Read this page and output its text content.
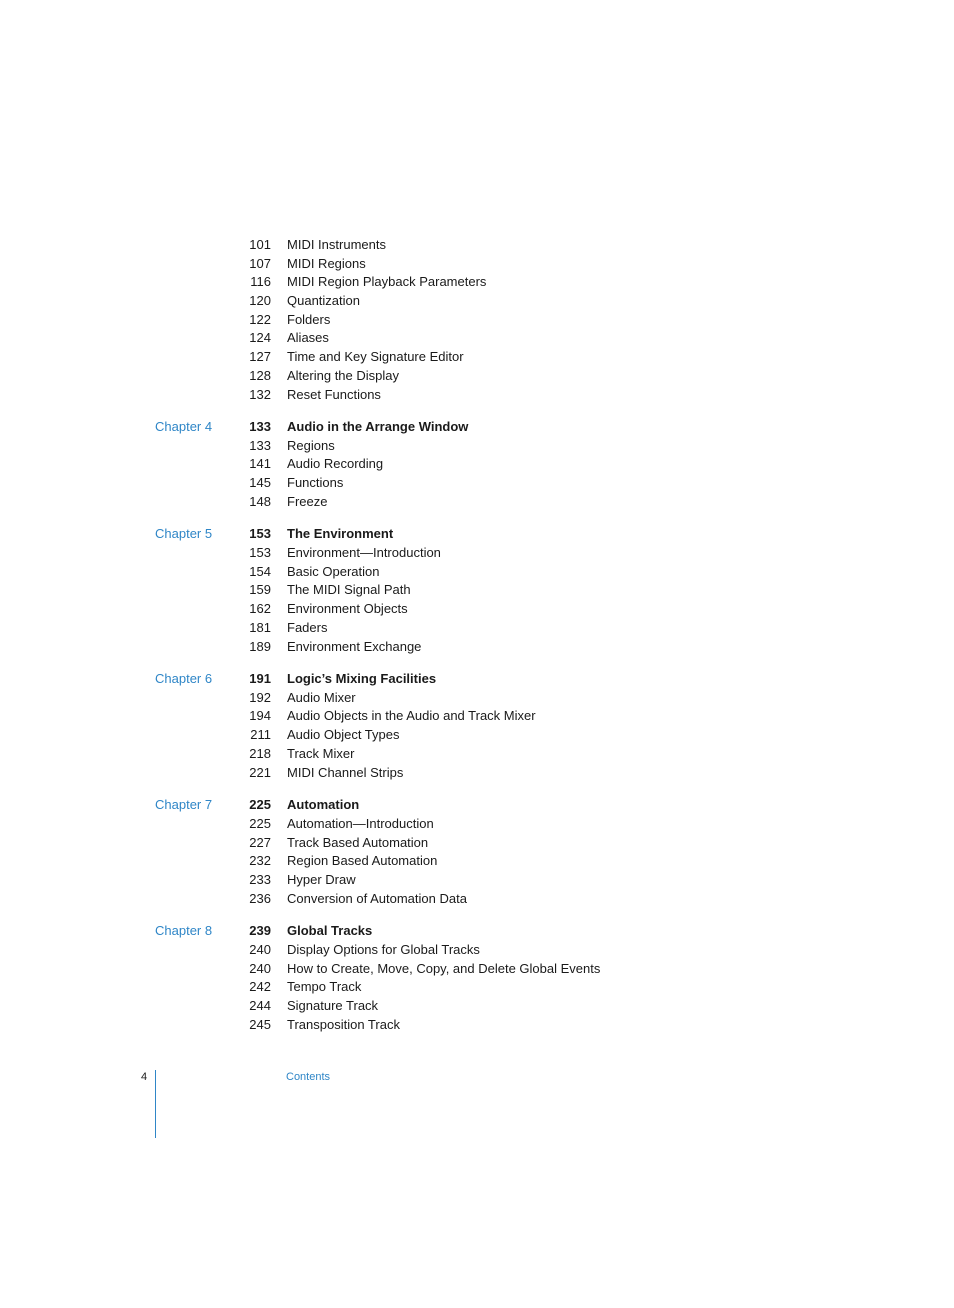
101 MIDI Instruments
107 MIDI Regions
116 MIDI Region Playback Parameters
120 Quantization
122 Folders
124 Aliases
127 Time and Key Signature Editor
128 Altering the Display
132 Reset Functions
Chapter 4	133 Audio in the Arrange Window
133 Regions
141 Audio Recording
145 Functions
148 Freeze
Chapter 5	153 The Environment
153 Environment—Introduction
154 Basic Operation
159 The MIDI Signal Path
162 Environment Objects
181 Faders
189 Environment Exchange
Chapter 6	191 Logic’s Mixing Facilities
192 Audio Mixer
194 Audio Objects in the Audio and Track Mixer
211 Audio Object Types
218 Track Mixer
221 MIDI Channel Strips
Chapter 7	225 Automation
225 Automation—Introduction
227 Track Based Automation
232 Region Based Automation
233 Hyper Draw
236 Conversion of Automation Data
Chapter 8	239 Global Tracks
240 Display Options for Global Tracks
240 How to Create, Move, Copy, and Delete Global Events
242 Tempo Track
244 Signature Track
245 Transposition Track
4	Contents
